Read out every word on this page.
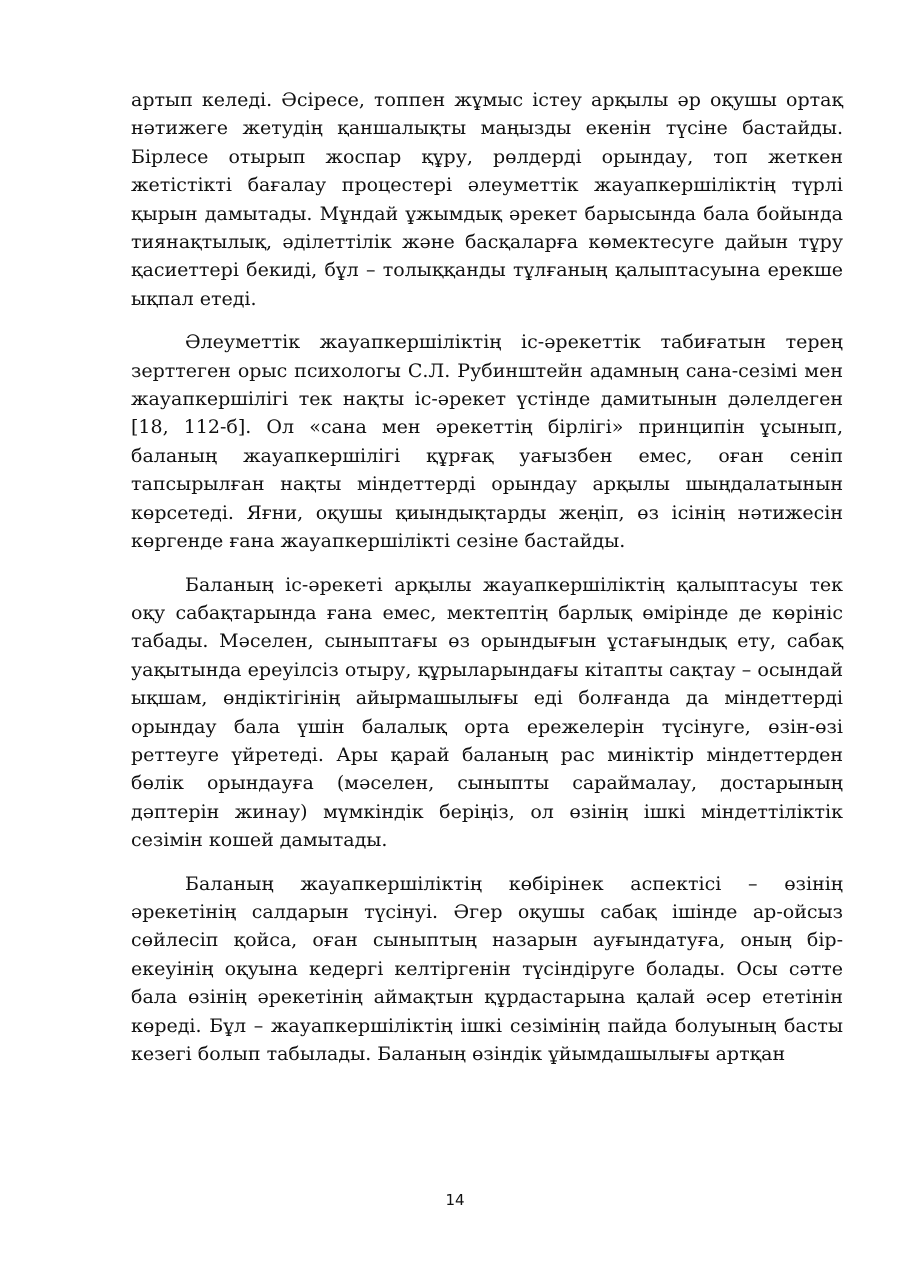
артып келеді. Әсіресе, топпен жұмыс істеу арқылы әр оқушы ортақ нәтижеге жетудің қаншалықты маңызды екенін түсіне бастайды. Бірлесе отырып жоспар құру, рөлдерді орындау, топ жеткен жетістікті бағалау процестері әлеуметтік жауапкершіліктің түрлі қырын дамытады. Мұндай ұжымдық әрекет барысында бала бойында тиянақтылық, әділеттілік және басқаларға көмектесуге дайын тұру қасиеттері бекиді, бұл – толыққанды тұлғаның қалыптасуына ерекше ықпал етеді.

Әлеуметтік жауапкершіліктің іс-әрекеттік табиғатын терең зерттеген орыс психологы С.Л. Рубинштейн адамның сана-сезімі мен жауапкершілігі тек нақты іс-әрекет үстінде дамитынын дәлелдеген [18, 112-б]. Ол «сана мен әрекеттің бірлігі» принципін ұсынып, баланың жауапкершілігі құрғақ уағызбен емес, оған сеніп тапсырылған нақты міндеттерді орындау арқылы шыңдалатынын көрсетеді. Яғни, оқушы қиындықтарды жеңіп, өз ісінің нәтижесін көргенде ғана жауапкершілікті сезіне бастайды.

Баланың іс-әрекеті арқылы жауапкершіліктің қалыптасуы тек оқу сабақтарында ғана емес, мектептің барлық өмірінде де көрініс табады. Мәселен, сыныптағы өз орындығын ұстағындық ету, сабақ уақытында ереуілсіз отыру, құрыларындағы кітапты сақтау – осындай ықшам, өндіктігінің айырмашылығы еді болғанда да міндеттерді орындау бала үшін балалық орта ережелерін түсінуге, өзін-өзі реттеуге үйретеді. Ары қарай баланың рас миніктір міндеттерден бөлік орындауға (мәселен, сыныпты сараймалау, достарының дәптерін жинау) мүмкіндік беріңіз, ол өзінің ішкі міндеттіліктік сезімін кошей дамытады.

Баланың жауапкершіліктің көбірінек аспектісі – өзінің әрекетінің салдарын түсінуі. Әгер оқушы сабақ ішінде ар-ойсыз сөйлесіп қойса, оған сыныптың назарын ауғындатуға, оның бір-екеуінің оқуына кедергі келтіргенін түсіндіруге болады. Осы сәтте бала өзінің әрекетінің аймақтын құрдастарына қалай әсер ететінін көреді. Бұл – жауапкершіліктің ішкі сезімінің пайда болуының басты кезегі болып табылады. Баланың өзіндік ұйымдашылығы артқан

14
